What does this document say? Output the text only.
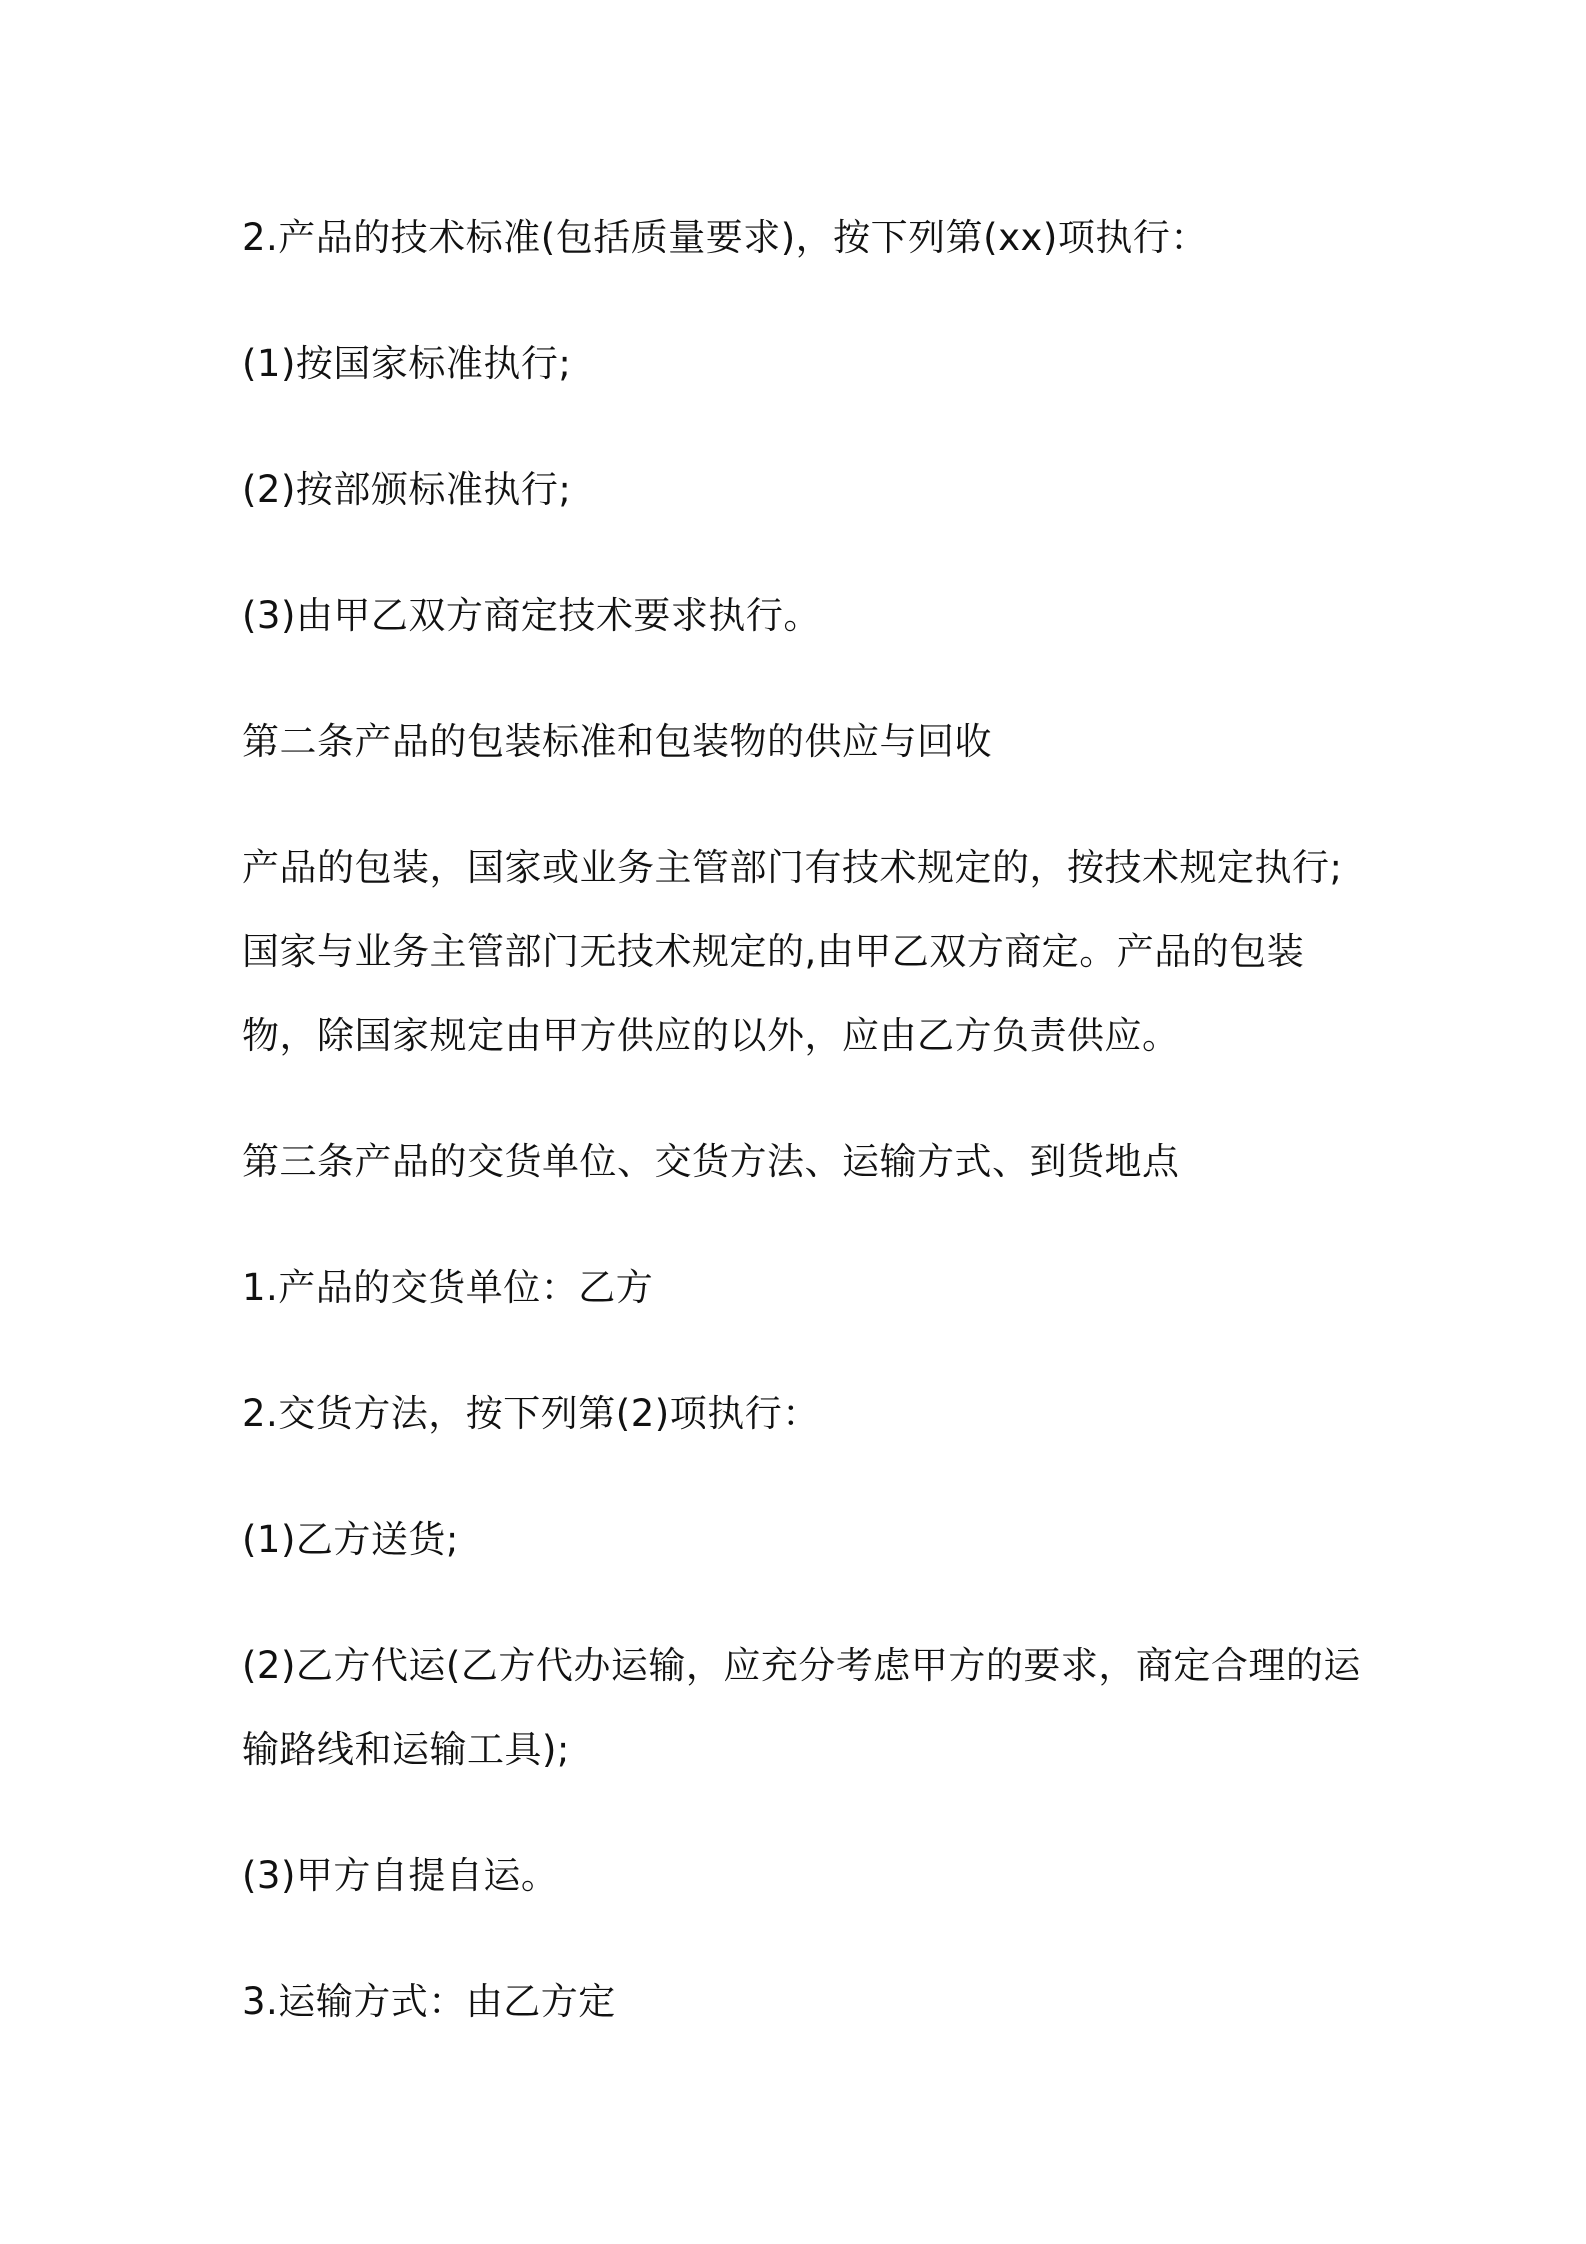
2.产品的技术标准(包括质量要求)，按下列第(xx)项执行：

(1)按国家标准执行;

(2)按部颁标准执行;

(3)由甲乙双方商定技术要求执行。

第二条产品的包装标准和包装物的供应与回收

产品的包装，国家或业务主管部门有技术规定的，按技术规定执行;国家与业务主管部门无技术规定的,由甲乙双方商定。产品的包装物，除国家规定由甲方供应的以外，应由乙方负责供应。

第三条产品的交货单位、交货方法、运输方式、到货地点

1.产品的交货单位：乙方

2.交货方法，按下列第(2)项执行：

(1)乙方送货;

(2)乙方代运(乙方代办运输，应充分考虑甲方的要求，商定合理的运输路线和运输工具);

(3)甲方自提自运。

3.运输方式：由乙方定
